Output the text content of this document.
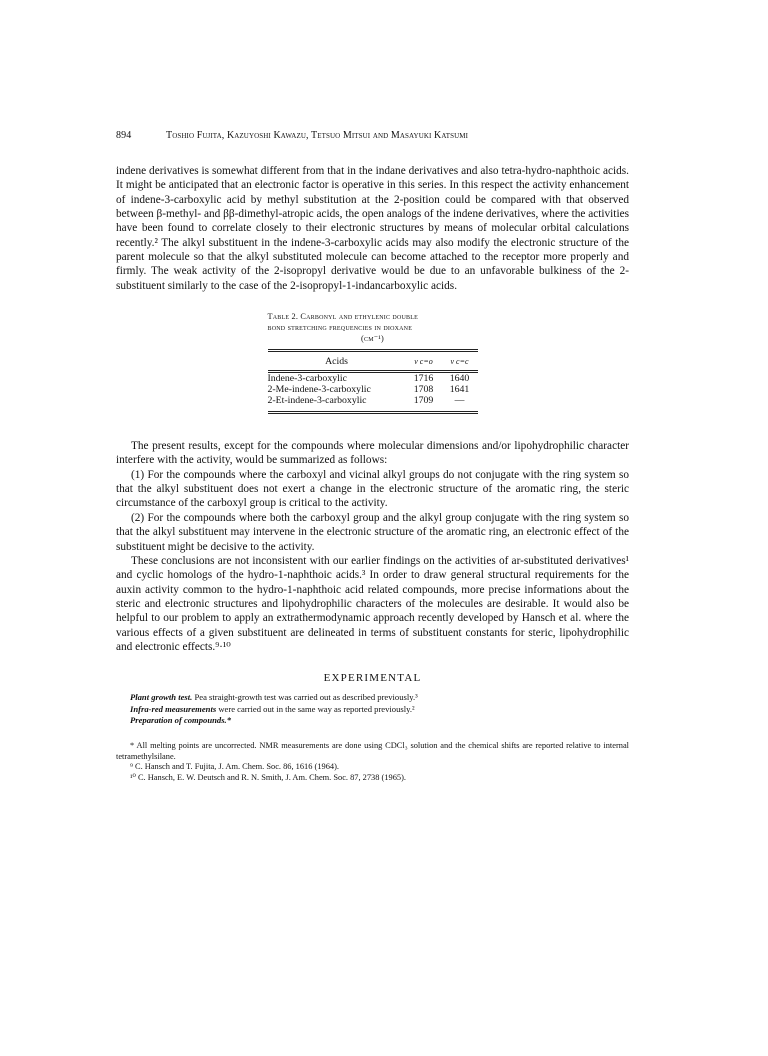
894	Toshio Fujita, Kazuyoshi Kawazu, Tetsuo Mitsui and Masayuki Katsumi

indene derivatives is somewhat different from that in the indane derivatives and also tetra-hydro-naphthoic acids. It might be anticipated that an electronic factor is operative in this series. In this respect the activity enhancement of indene-3-carboxylic acid by methyl substitution at the 2-position could be compared with that observed between β-methyl- and ββ-dimethyl-atropic acids, the open analogs of the indene derivatives, where the activities have been found to correlate closely to their electronic structures by means of molecular orbital calculations recently.² The alkyl substituent in the indene-3-carboxylic acids may also modify the electronic structure of the parent molecule so that the alkyl substituted molecule can become attached to the receptor more properly and firmly. The weak activity of the 2-isopropyl derivative would be due to an unfavorable bulkiness of the 2-substituent similarly to the case of the 2-isopropyl-1-indancarboxylic acids.

Table 2. Carbonyl and ethylenic double
bond stretching frequencies in dioxane
(cm⁻¹)
Acids	ν c=o	ν c=c

Indene-3-carboxylic	1716	1640
2-Me-indene-3-carboxylic	1708	1641
2-Et-indene-3-carboxylic	1709	—

The present results, except for the compounds where molecular dimensions and/or lipohydrophilic character interfere with the activity, would be summarized as follows:

(1) For the compounds where the carboxyl and vicinal alkyl groups do not conjugate with the ring system so that the alkyl substituent does not exert a change in the electronic structure of the aromatic ring, the steric circumstance of the carboxyl group is critical to the activity.

(2) For the compounds where both the carboxyl group and the alkyl group conjugate with the ring system so that the alkyl substituent may intervene in the electronic structure of the aromatic ring, an electronic effect of the substituent might be decisive to the activity.

These conclusions are not inconsistent with our earlier findings on the activities of ar-substituted derivatives¹ and cyclic homologs of the hydro-1-naphthoic acids.³ In order to draw general structural requirements for the auxin activity common to the hydro-1-naphthoic acid related compounds, more precise informations about the steric and electronic structures and lipohydrophilic characters of the molecules are desirable. It would also be helpful to our problem to apply an extrathermodynamic approach recently developed by Hansch et al. where the various effects of a given substituent are delineated in terms of substituent constants for steric, lipohydrophilic and electronic effects.⁹·¹⁰

EXPERIMENTAL

Plant growth test. Pea straight-growth test was carried out as described previously.³

Infra-red measurements were carried out in the same way as reported previously.²

Preparation of compounds.*

* All melting points are uncorrected. NMR measurements are done using CDCl₃ solution and the chemical shifts are reported relative to internal tetramethylsilane.

⁹ C. Hansch and T. Fujita, J. Am. Chem. Soc. 86, 1616 (1964).

¹⁰ C. Hansch, E. W. Deutsch and R. N. Smith, J. Am. Chem. Soc. 87, 2738 (1965).
